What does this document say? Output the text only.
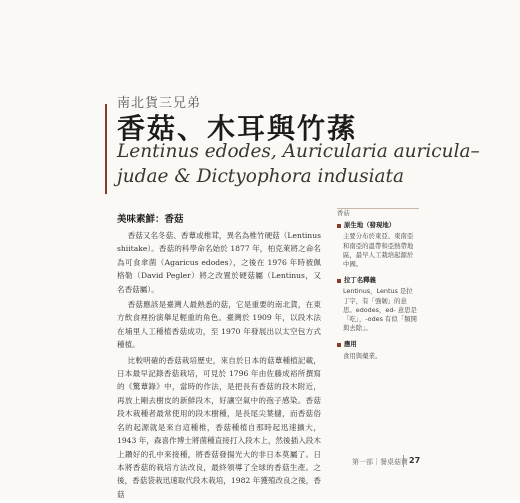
南北貨三兄弟
香菇、木耳與竹蓀
Lentinus edodes, Auricularia auricula–
judae & Dictyophora indusiata
美味素鮮：香菇

香菇又名冬菇、香蕈或椎茸，異名為椎竹硬菇（Lentinus shiitake）。香菇的科學命名始於 1877 年，柏克萊將之命名為可食傘菌（Agaricus edodes），之後在 1976 年時被佩格勒（David Pegler）將之改置於硬菇屬（Lentinus，又名香菇屬）。

香菇應該是臺灣人最熟悉的菇，它是重要的南北貨，在東方飲食裡扮演舉足輕重的角色。臺灣於 1909 年，以段木法在埔里人工種植香菇成功，至 1970 年發展出以太空包方式種植。

比較明確的香菇栽培歷史，來自於日本的菇蕈種植記載，日本最早記錄香菇栽培，可見於 1796 年由佐藤成裕所撰寫的《驚蕈錄》中，當時的作法，是把長有香菇的段木附近，再放上剛去樹皮的新鮮段木，好讓空氣中的孢子感染。香菇段木栽種者最常使用的段木樹種，是長尾尖葉櫧，而香菇俗名的起源就是來自這種椎，香菇種植自那時起迅速擴大，1943 年，森喜作博士將菌種直接打入段木上，然後插入段木上鑽好的孔中來接種，將香菇發揚光大的非日本莫屬了。日本將香菇的栽培方法改良，最終領導了全球的香菇生產。之後，香菇袋栽迅速取代段木栽培，1982 年獲殖改良之後，香菇

香菇
原生地（發現地）
主要分布於東亞、東南亞和南亞的溫帶和亞熱帶地區，最早人工栽培起源於中國。
拉丁名釋義
Lentinus，Lentus 是拉丁字，有「強韌」的意思。edodes，ed- 意思是「吃」，-odes 有似「類開與去除」。
應用
食用與藥業。
第一部｜餐桌菇寶 27
